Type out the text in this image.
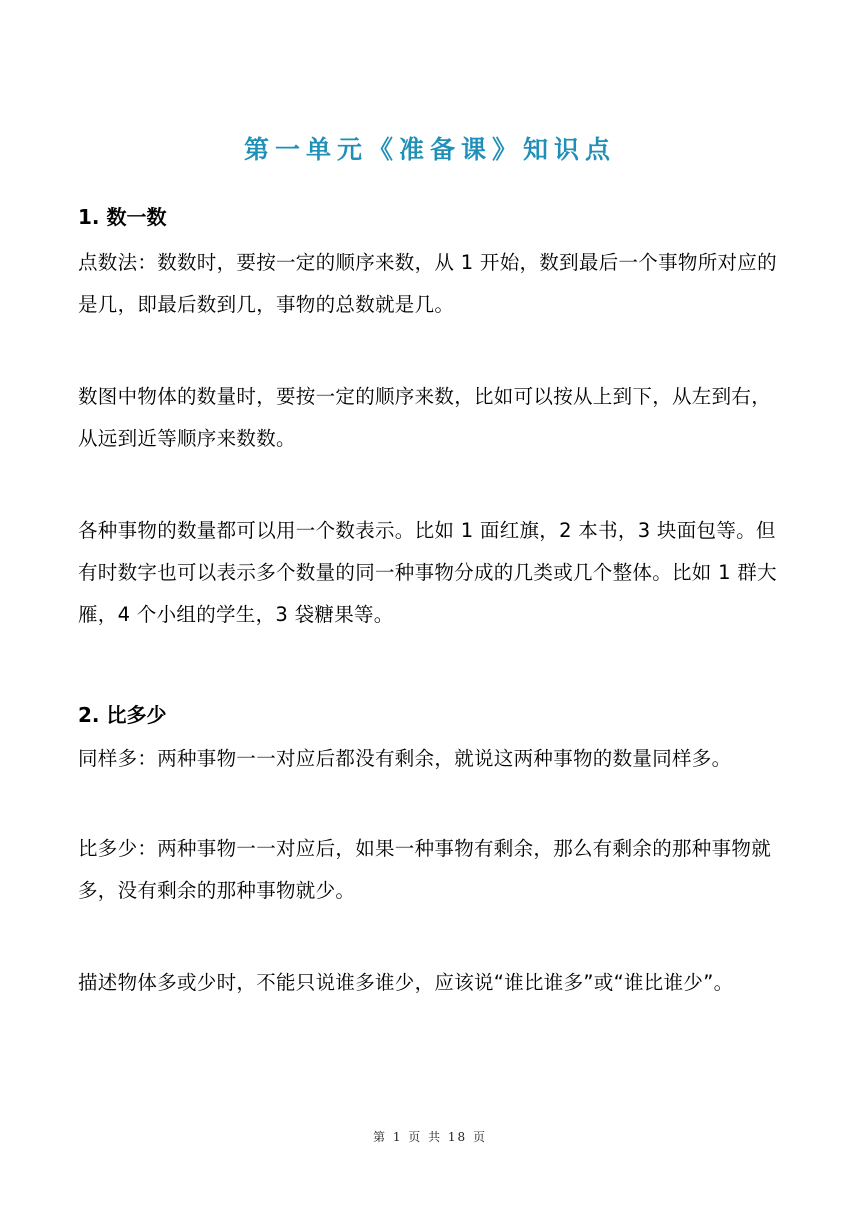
第一单元《准备课》知识点
1. 数一数

点数法：数数时，要按一定的顺序来数，从 1 开始，数到最后一个事物所对应的是几，即最后数到几，事物的总数就是几。

数图中物体的数量时，要按一定的顺序来数，比如可以按从上到下，从左到右，从远到近等顺序来数数。

各种事物的数量都可以用一个数表示。比如 1 面红旗，2 本书，3 块面包等。但有时数字也可以表示多个数量的同一种事物分成的几类或几个整体。比如 1 群大雁，4 个小组的学生，3 袋糖果等。

2. 比多少

同样多：两种事物一一对应后都没有剩余，就说这两种事物的数量同样多。

比多少：两种事物一一对应后，如果一种事物有剩余，那么有剩余的那种事物就多，没有剩余的那种事物就少。

描述物体多或少时，不能只说谁多谁少，应该说“谁比谁多”或“谁比谁少”。

第 1 页 共 18 页
